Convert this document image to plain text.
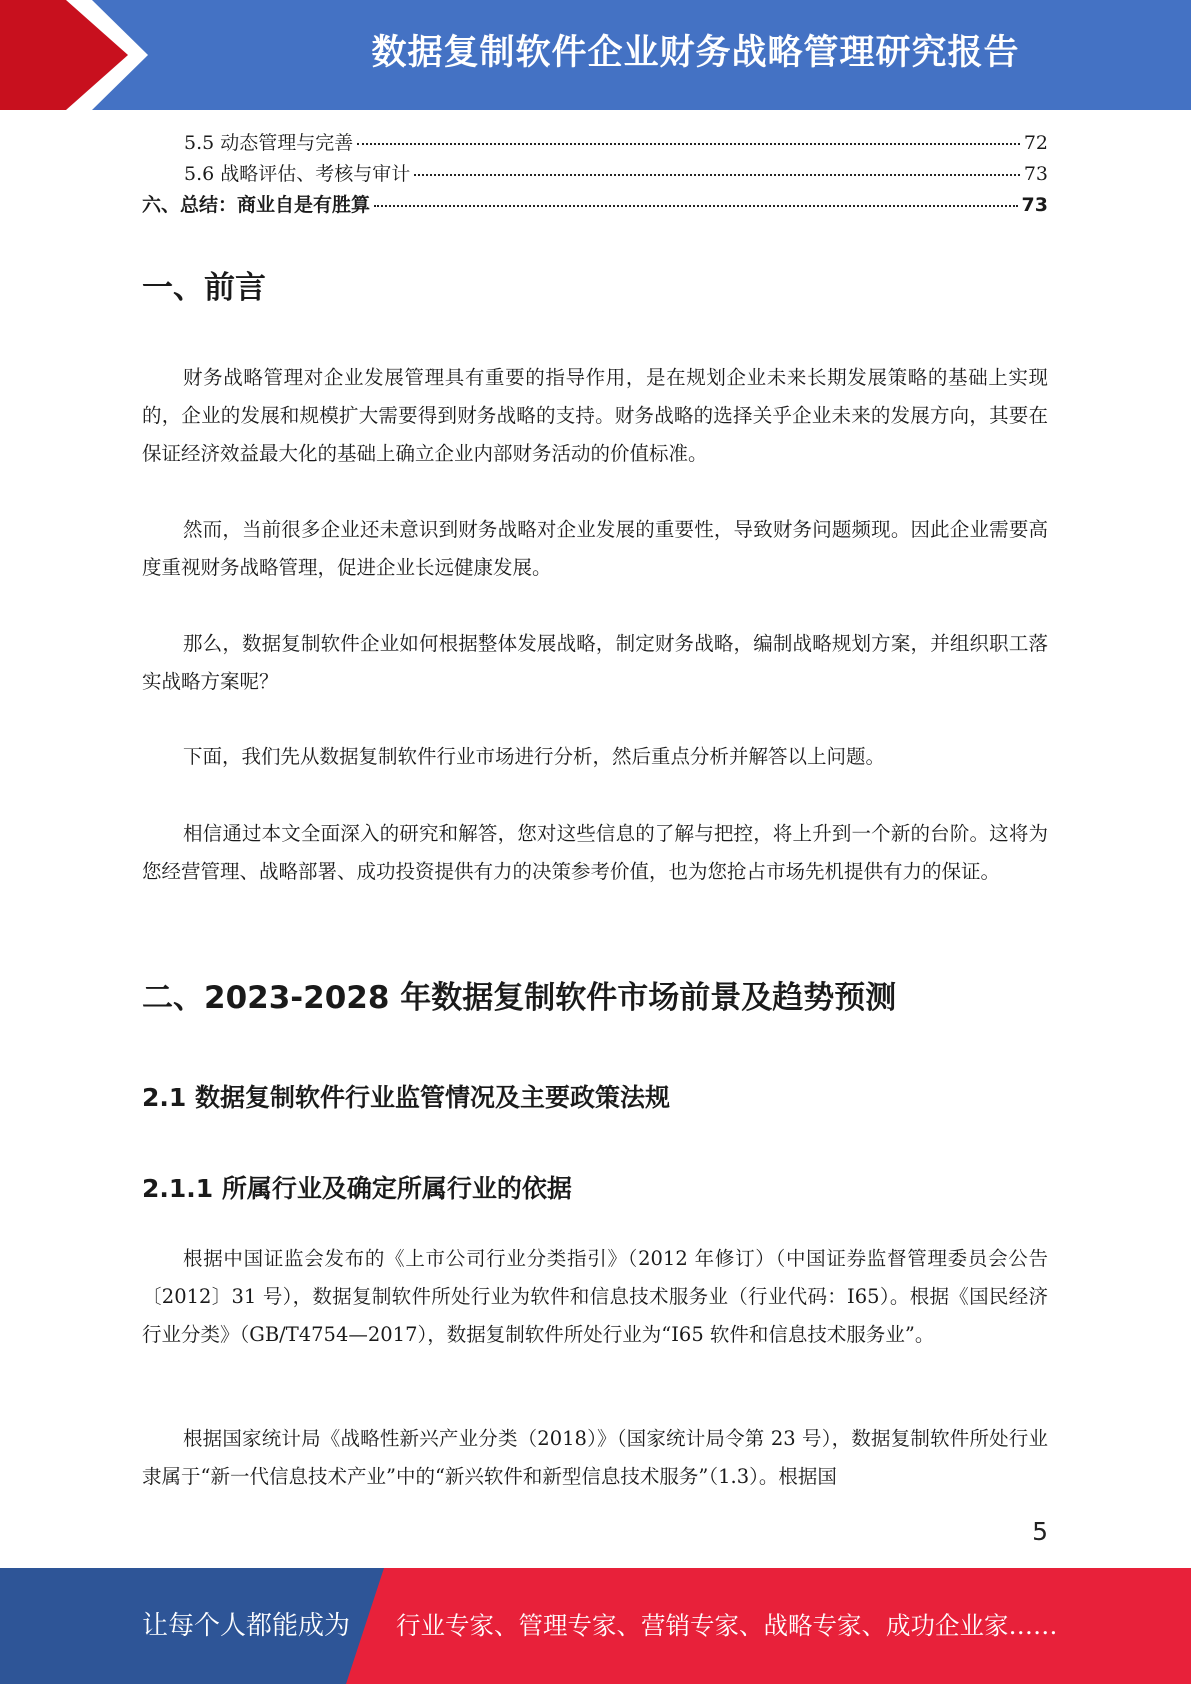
数据复制软件企业财务战略管理研究报告
5.5 动态管理与完善	72
5.6 战略评估、考核与审计	73
六、总结：商业自是有胜算	73
一、前言

财务战略管理对企业发展管理具有重要的指导作用，是在规划企业未来长期发展策略的基础上实现的，企业的发展和规模扩大需要得到财务战略的支持。财务战略的选择关乎企业未来的发展方向，其要在保证经济效益最大化的基础上确立企业内部财务活动的价值标准。

然而，当前很多企业还未意识到财务战略对企业发展的重要性，导致财务问题频现。因此企业需要高度重视财务战略管理，促进企业长远健康发展。

那么，数据复制软件企业如何根据整体发展战略，制定财务战略，编制战略规划方案，并组织职工落实战略方案呢？

下面，我们先从数据复制软件行业市场进行分析，然后重点分析并解答以上问题。

相信通过本文全面深入的研究和解答，您对这些信息的了解与把控，将上升到一个新的台阶。这将为您经营管理、战略部署、成功投资提供有力的决策参考价值，也为您抢占市场先机提供有力的保证。

二、2023-2028 年数据复制软件市场前景及趋势预测
2.1 数据复制软件行业监管情况及主要政策法规
2.1.1 所属行业及确定所属行业的依据

根据中国证监会发布的《上市公司行业分类指引》（2012 年修订）（中国证券监督管理委员会公告〔2012〕31 号），数据复制软件所处行业为软件和信息技术服务业（行业代码：I65）。根据《国民经济行业分类》（GB/T4754—2017），数据复制软件所处行业为“I65 软件和信息技术服务业”。

根据国家统计局《战略性新兴产业分类（2018）》（国家统计局令第 23 号），数据复制软件所处行业隶属于“新一代信息技术产业”中的“新兴软件和新型信息技术服务”（1.3）。根据国

5
让每个人都能成为 行业专家、管理专家、营销专家、战略专家、成功企业家……
